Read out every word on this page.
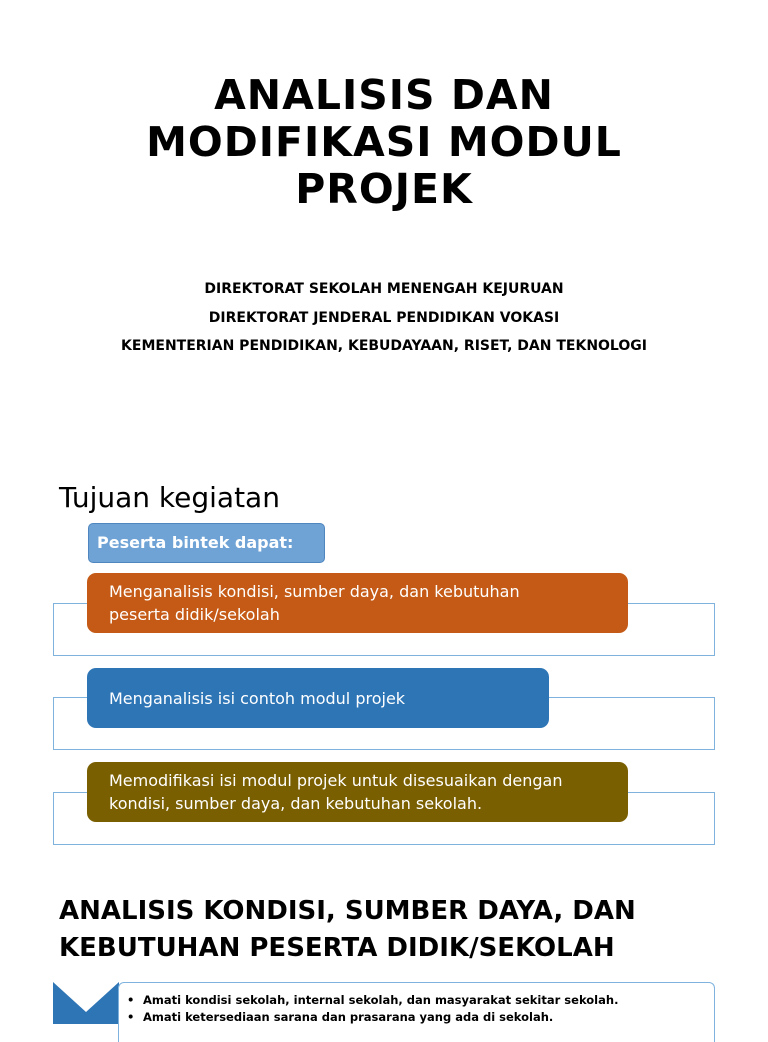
ANALISIS DAN
MODIFIKASI MODUL
PROJEK
DIREKTORAT SEKOLAH MENENGAH KEJURUAN
DIREKTORAT JENDERAL PENDIDIKAN VOKASI
KEMENTERIAN PENDIDIKAN, KEBUDAYAAN, RISET, DAN TEKNOLOGI
Tujuan kegiatan
Peserta bintek dapat:
Menganalisis kondisi, sumber daya, dan kebutuhan
peserta didik/sekolah
Menganalisis isi contoh modul projek
Memodifikasi isi modul projek untuk disesuaikan dengan
kondisi, sumber daya, dan kebutuhan sekolah.
ANALISIS KONDISI, SUMBER DAYA, DAN
KEBUTUHAN PESERTA DIDIK/SEKOLAH
• Amati kondisi sekolah, internal sekolah, dan masyarakat sekitar sekolah.
• Amati ketersediaan sarana dan prasarana yang ada di sekolah.
